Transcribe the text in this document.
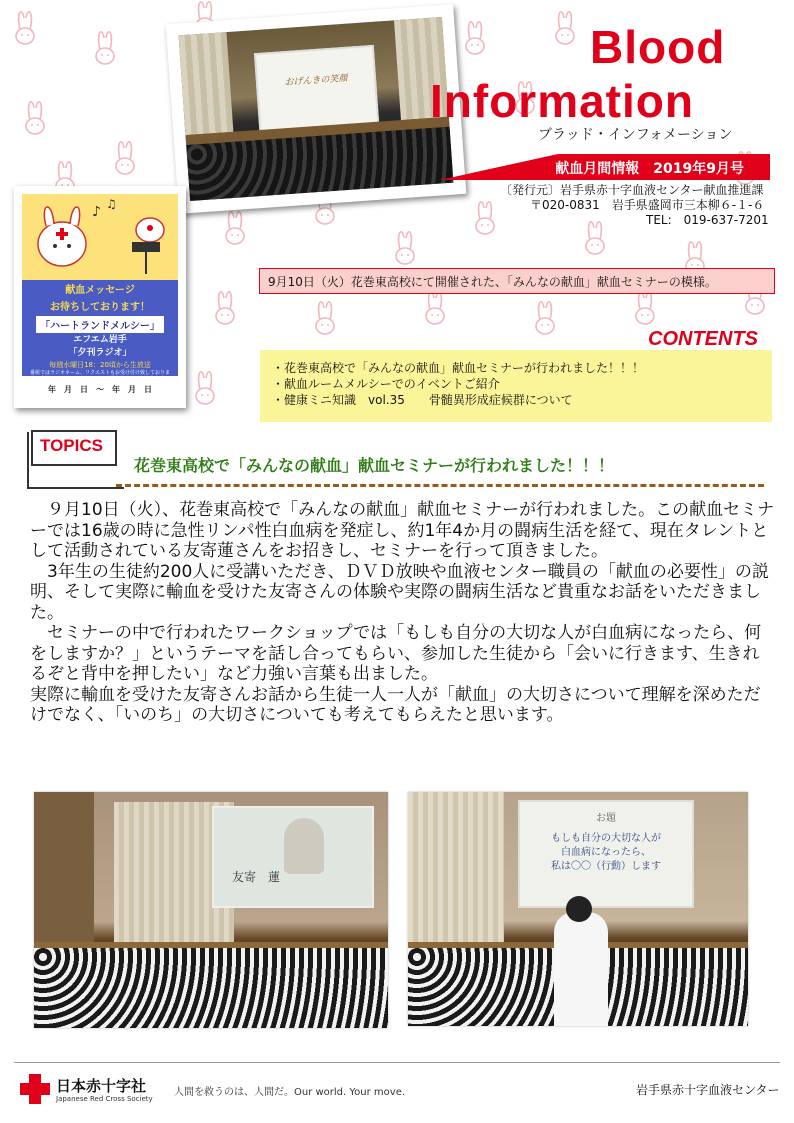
おげんきの笑顔
Blood
Information
ブラッド・インフォメーション
献血月間情報　2019年9月号
〔発行元〕岩手県赤十字血液センター献血推進課
〒020-0831　岩手県盛岡市三本柳６-１-６
TEL:　019-637-7201
♪ ♫
献血メッセージ
お待ちしております！
「ハートランドメルシー」
エフエム岩手
「夕刊ラジオ」
毎週水曜日18：20頃から生放送
番組ではラジオネーム、リクエストもお受け付け致しております。血液センターホームページでも紹介させていただきます。
年　月　日　～　年　月　日
9月10日（火）花巻東高校にて開催された、「みんなの献血」献血セミナーの模様。
CONTENTS
・花巻東高校で「みんなの献血」献血セミナーが行われました！！！
・献血ルームメルシーでのイベントご紹介
・健康ミニ知識　vol.35　　骨髄異形成症候群について
TOPICS
花巻東高校で「みんなの献血」献血セミナーが行われました！！！

　９月10日（火）、花巻東高校で「みんなの献血」献血セミナーが行われました。この献血セミナーでは16歳の時に急性リンパ性白血病を発症し、約1年4か月の闘病生活を経て、現在タレントとして活動されている友寄蓮さんをお招きし、セミナーを行って頂きました。

　3年生の生徒約200人に受講いただき、ＤＶＤ放映や血液センター職員の「献血の必要性」の説明、そして実際に輸血を受けた友寄さんの体験や実際の闘病生活など貴重なお話をいただきました。

　セミナーの中で行われたワークショップでは「もしも自分の大切な人が白血病になったら、何をしますか？」というテーマを話し合ってもらい、参加した生徒から「会いに行きます、生きれるぞと背中を押したい」など力強い言葉も出ました。

実際に輸血を受けた友寄さんお話から生徒一人一人が「献血」の大切さについて理解を深めただけでなく、「いのち」の大切さについても考えてもらえたと思います。

友寄　蓮
お題
もしも自分の大切な人が
白血病になったら、
私は〇〇（行動）します
日本赤十字社
Japanese Red Cross Society
人間を救うのは、人間だ。Our world. Your move.	岩手県赤十字血液センター
